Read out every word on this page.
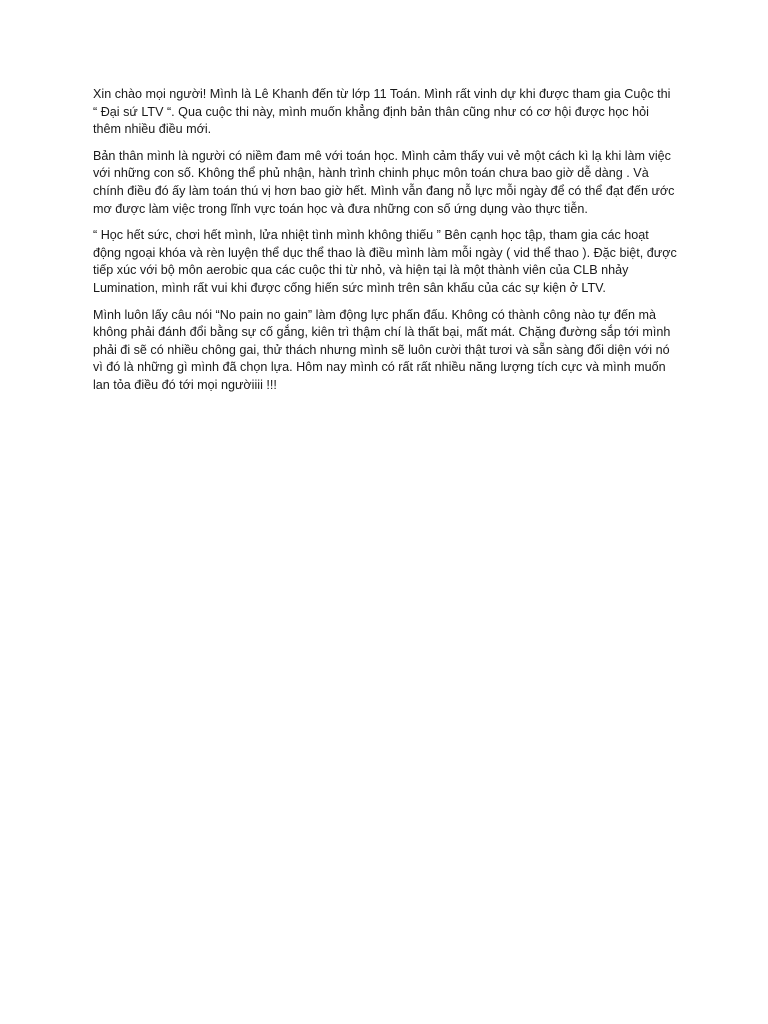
Xin chào mọi người! Mình là Lê Khanh đến từ lớp 11 Toán. Mình rất vinh dự khi được tham gia Cuộc thi “ Đại sứ LTV “. Qua cuộc thi này, mình muốn khẳng định bản thân cũng như có cơ hội được học hỏi thêm nhiều điều mới.

Bản thân mình là người có niềm đam mê với toán học. Mình cảm thấy vui vẻ một cách kì lạ khi làm việc với những con số. Không thể phủ nhận, hành trình chinh phục môn toán chưa bao giờ dễ dàng . Và chính điều đó ấy làm toán thú vị hơn bao giờ hết. Mình vẫn đang nỗ lực mỗi ngày để có thể đạt đến ước mơ được làm việc trong lĩnh vực toán học và đưa những con số ứng dụng vào thực tiễn.

“ Học hết sức, chơi hết mình, lửa nhiệt tình mình không thiếu ” Bên cạnh học tập, tham gia các hoạt động ngoại khóa và rèn luyện thể dục thể thao là điều mình làm mỗi ngày ( vid thể thao ). Đặc biệt, được tiếp xúc với bộ môn aerobic qua các cuộc thi từ nhỏ, và hiện tại là một thành viên của CLB nhảy Lumination, mình rất vui khi được cống hiến sức mình trên sân khấu của các sự kiện ở LTV.

Mình luôn lấy câu nói “No pain no gain” làm động lực phấn đấu. Không có thành công nào tự đến mà không phải đánh đổi bằng sự cố gắng, kiên trì thậm chí là thất bại, mất mát. Chặng đường sắp tới mình phải đi sẽ có nhiều chông gai, thử thách nhưng mình sẽ luôn cười thật tươi và sẵn sàng đối diện với nó vì đó là những gì mình đã chọn lựa. Hôm nay mình có rất rất nhiều năng lượng tích cực và mình muốn lan tỏa điều đó tới mọi ngườiiii !!!
